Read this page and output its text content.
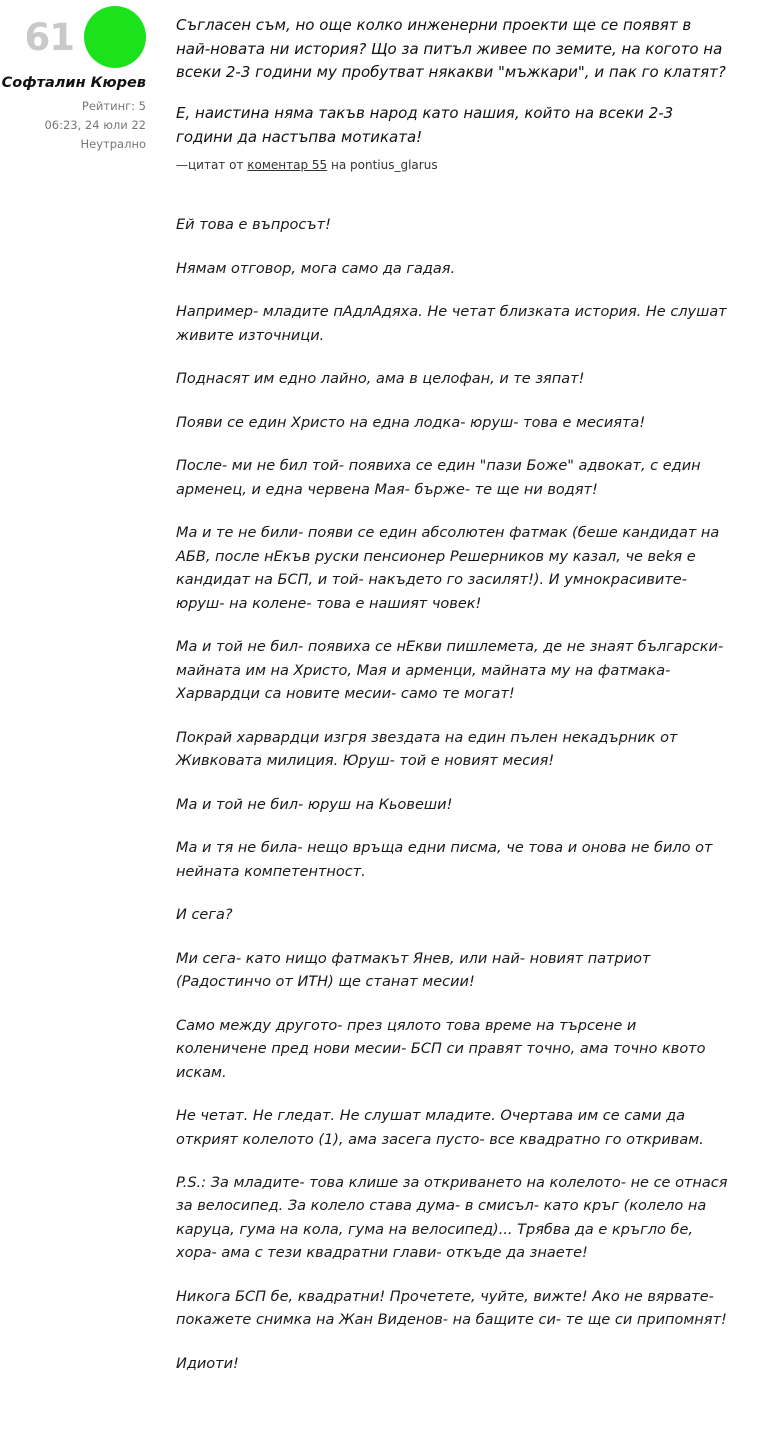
61
Софталин Кюрев
Рейтинг: 5
06:23, 24 юли 22
Неутрално

Съгласен съм, но още колко инженерни проекти ще се появят в най-новата ни история? Що за питъл живее по земите, на когото на всеки 2-3 години му пробутват някакви "мъжкари", и пак го клатят?

Е, наистина няма такъв народ като нашия, който на всеки 2-3 години да настъпва мотиката!

—цитат от коментар 55 на pontius_glarus

Ей това е въпросът!

Нямам отговор, мога само да гадая.

Например- младите пАдлАдяха. Не четат близката история. Не слушат живите източници.

Поднасят им едно лайно, ама в целофан, и те зяпат!

Появи се един Христо на една лодка- юруш- това е месията!

После- ми не бил той- появиха се един "пази Боже" адвокат, с един арменец, и една червена Мая- бърже- те ще ни водят!

Ма и те не били- появи се един абсолютен фатмак (беше кандидат на АБВ, после нЕкъв руски пенсионер Решерников му казал, че веkя е кандидат на БСП, и той- накъдето го засилят!). И умнокрасивите- юруш- на колене- това е нашият човек!

Ма и той не бил- появиха се нЕкви пишлемета, де не знаят български- майната им на Христо, Мая и арменци, майната му на фатмака- Харвардци са новите месии- само те могат!

Покрай харвардци изгря звездата на един пълен некадърник от Живковата милиция. Юруш- той е новият месия!

Ма и той не бил- юруш на Кьовеши!

Ма и тя не била- нещо връща едни писма, че това и онова не било от нейната компетентност.

И сега?

Ми сега- като нищо фатмакът Янев, или най- новият патриот (Радостинчо от ИТН) ще станат месии!

Само между другото- през цялото това време на търсене и коленичене пред нови месии- БСП си правят точно, ама точно квото искам.

Не четат. Не гледат. Не слушат младите. Очертава им се сами да открият колелото (1), ама засега пусто- все квадратно го откривам.

P.S.: За младите- това клише за откриването на колелото- не се отнася за велосипед. За колело става дума- в смисъл- като кръг (колело на каруца, гума на кола, гума на велосипед)... Трябва да е кръгло бе, хора- ама с тези квадратни глави- откъде да знаете!

Никога БСП бе, квадратни! Прочетете, чуйте, вижте! Ако не вярвате- покажете снимка на Жан Виденов- на бащите си- те ще си припомнят!

Идиоти!
